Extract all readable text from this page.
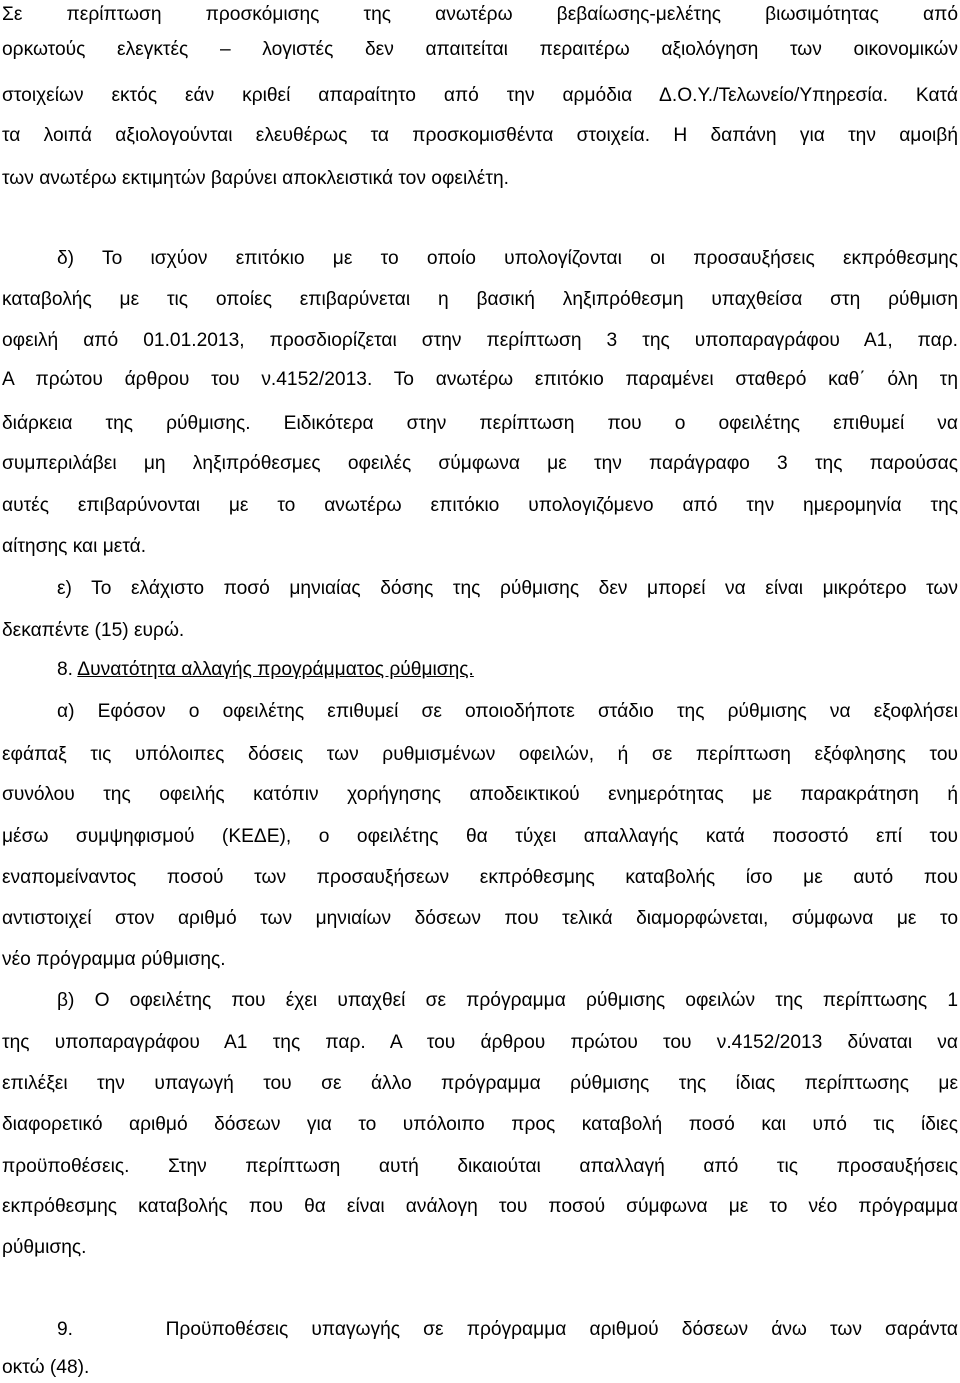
Σε περίπτωση προσκόμισης της ανωτέρω βεβαίωσης-μελέτης βιωσιμότητας από
ορκωτούς ελεγκτές – λογιστές δεν απαιτείται περαιτέρω αξιολόγηση των οικονομικών
στοιχείων εκτός εάν κριθεί απαραίτητο από την αρμόδια Δ.Ο.Υ./Τελωνείο/Υπηρεσία. Κατά
τα λοιπά αξιολογούνται ελευθέρως τα προσκομισθέντα στοιχεία. Η δαπάνη για την αμοιβή
των ανωτέρω εκτιμητών βαρύνει αποκλειστικά τον οφειλέτη.
δ) Το ισχύον επιτόκιο με το οποίο υπολογίζονται οι προσαυξήσεις εκπρόθεσμης
καταβολής με τις οποίες επιβαρύνεται η βασική ληξιπρόθεσμη υπαχθείσα στη ρύθμιση
οφειλή από 01.01.2013, προσδιορίζεται στην περίπτωση 3 της υποπαραγράφου Α1, παρ.
Α πρώτου άρθρου του ν.4152/2013. Το ανωτέρω επιτόκιο παραμένει σταθερό καθ΄ όλη τη
διάρκεια της ρύθμισης. Ειδικότερα στην περίπτωση που ο οφειλέτης επιθυμεί να
συμπεριλάβει μη ληξιπρόθεσμες οφειλές σύμφωνα με την παράγραφο 3 της παρούσας
αυτές επιβαρύνονται με το ανωτέρω επιτόκιο υπολογιζόμενο από την ημερομηνία της
αίτησης και μετά.
ε) Το ελάχιστο ποσό μηνιαίας δόσης της ρύθμισης δεν μπορεί να είναι μικρότερο των
δεκαπέντε (15) ευρώ.
8. Δυνατότητα αλλαγής προγράμματος ρύθμισης.
α) Εφόσον ο οφειλέτης επιθυμεί σε οποιοδήποτε στάδιο της ρύθμισης να εξοφλήσει
εφάπαξ τις υπόλοιπες δόσεις των ρυθμισμένων οφειλών, ή σε περίπτωση εξόφλησης του
συνόλου της οφειλής κατόπιν χορήγησης αποδεικτικού ενημερότητας με παρακράτηση ή
μέσω συμψηφισμού (ΚΕΔΕ), ο οφειλέτης θα τύχει απαλλαγής κατά ποσοστό επί του
εναπομείναντος ποσού των προσαυξήσεων εκπρόθεσμης καταβολής ίσο με αυτό που
αντιστοιχεί στον αριθμό των μηνιαίων δόσεων που τελικά διαμορφώνεται, σύμφωνα με το
νέο πρόγραμμα ρύθμισης.
β) Ο οφειλέτης που έχει υπαχθεί σε πρόγραμμα ρύθμισης οφειλών της περίπτωσης 1
της υποπαραγράφου Α1 της παρ. Α του άρθρου πρώτου του ν.4152/2013 δύναται να
επιλέξει την υπαγωγή του σε άλλο πρόγραμμα ρύθμισης της ίδιας περίπτωσης με
διαφορετικό αριθμό δόσεων για το υπόλοιπο προς καταβολή ποσό και υπό τις ίδιες
προϋποθέσεις. Στην περίπτωση αυτή δικαιούται απαλλαγή από τις προσαυξήσεις
εκπρόθεσμης καταβολής που θα είναι ανάλογη του ποσού σύμφωνα με το νέο πρόγραμμα
ρύθμισης.
9.	Προϋποθέσεις υπαγωγής σε πρόγραμμα αριθμού δόσεων άνω των σαράντα
οκτώ (48).
